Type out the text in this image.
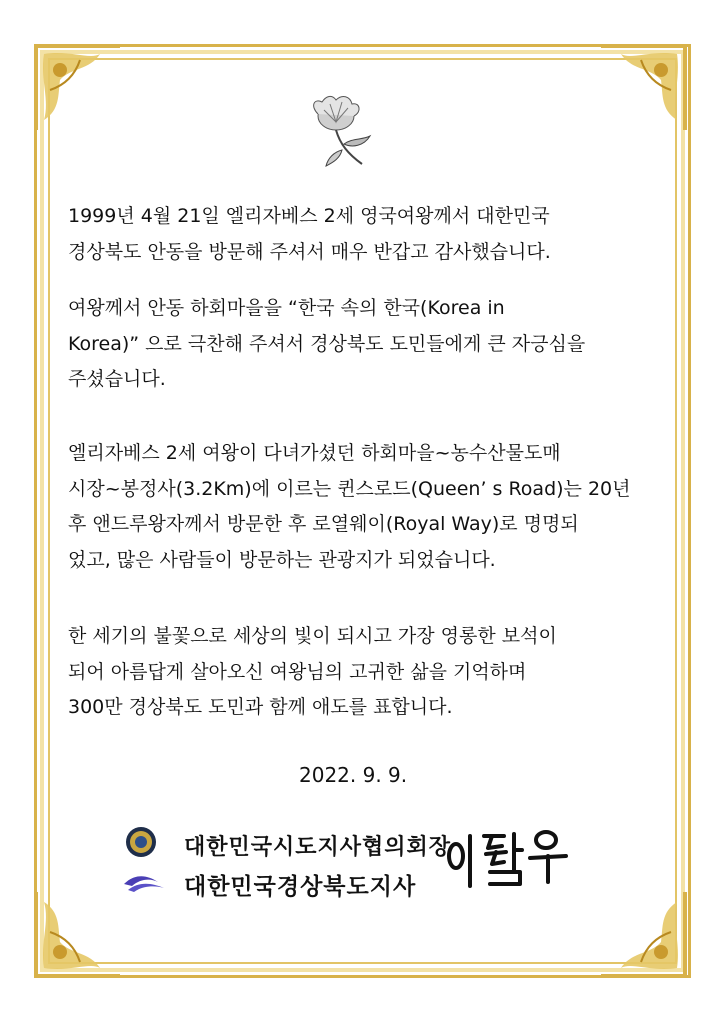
1999년 4월 21일 엘리자베스 2세 영국여왕께서 대한민국
경상북도 안동을 방문해 주셔서 매우 반갑고 감사했습니다.

여왕께서 안동 하회마을을 “한국 속의 한국(Korea in
Korea)” 으로 극찬해 주셔서 경상북도 도민들에게 큰 자긍심을
주셨습니다.

엘리자베스 2세 여왕이 다녀가셨던 하회마을~농수산물도매
시장~봉정사(3.2Km)에 이르는 퀸스로드(Queen’ s Road)는 20년
후 앤드루왕자께서 방문한 후 로열웨이(Royal Way)로 명명되
었고, 많은 사람들이 방문하는 관광지가 되었습니다.

한 세기의 불꽃으로 세상의 빛이 되시고 가장 영롱한 보석이
되어 아름답게 살아오신 여왕님의 고귀한 삶을 기억하며
300만 경상북도 도민과 함께 애도를 표합니다.

2022. 9. 9.
대한민국시도지사협의회장
대한민국경상북도지사
